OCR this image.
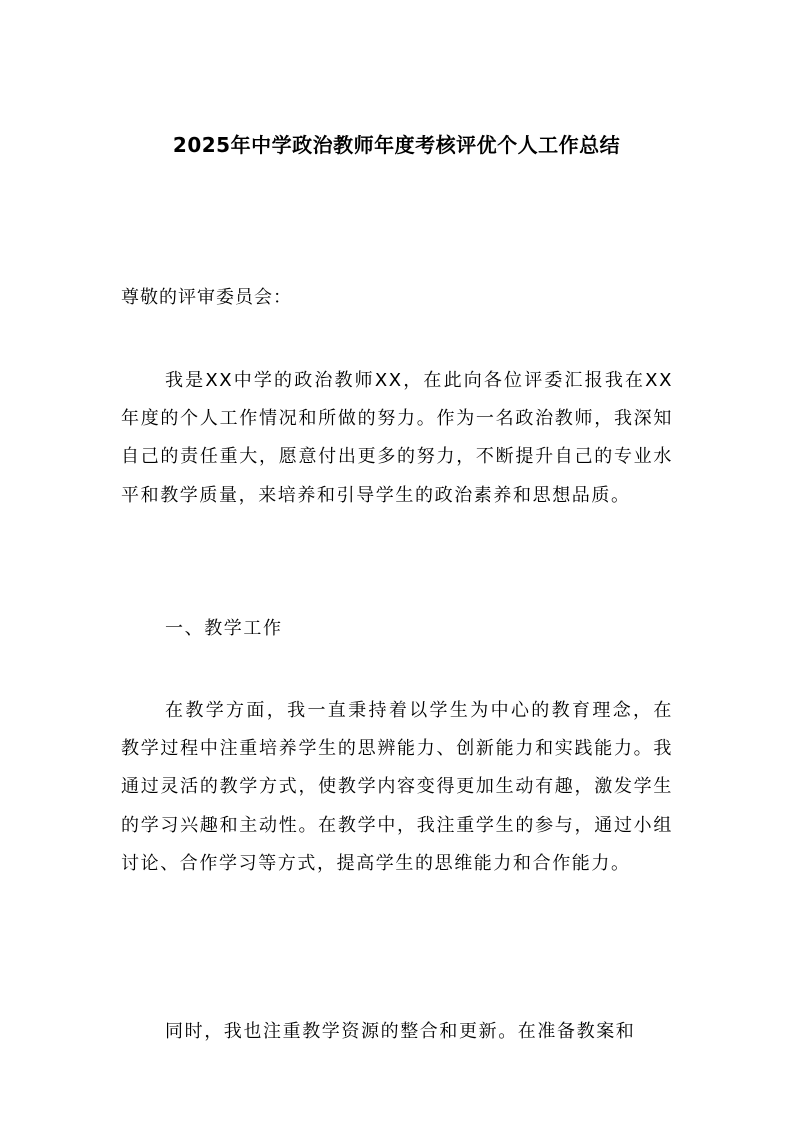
2025年中学政治教师年度考核评优个人工作总结

尊敬的评审委员会：

我是XX中学的政治教师XX，在此向各位评委汇报我在XX年度的个人工作情况和所做的努力。作为一名政治教师，我深知自己的责任重大，愿意付出更多的努力，不断提升自己的专业水平和教学质量，来培养和引导学生的政治素养和思想品质。

一、教学工作

在教学方面，我一直秉持着以学生为中心的教育理念，在教学过程中注重培养学生的思辨能力、创新能力和实践能力。我通过灵活的教学方式，使教学内容变得更加生动有趣，激发学生的学习兴趣和主动性。在教学中，我注重学生的参与，通过小组讨论、合作学习等方式，提高学生的思维能力和合作能力。

同时，我也注重教学资源的整合和更新。在准备教案和
